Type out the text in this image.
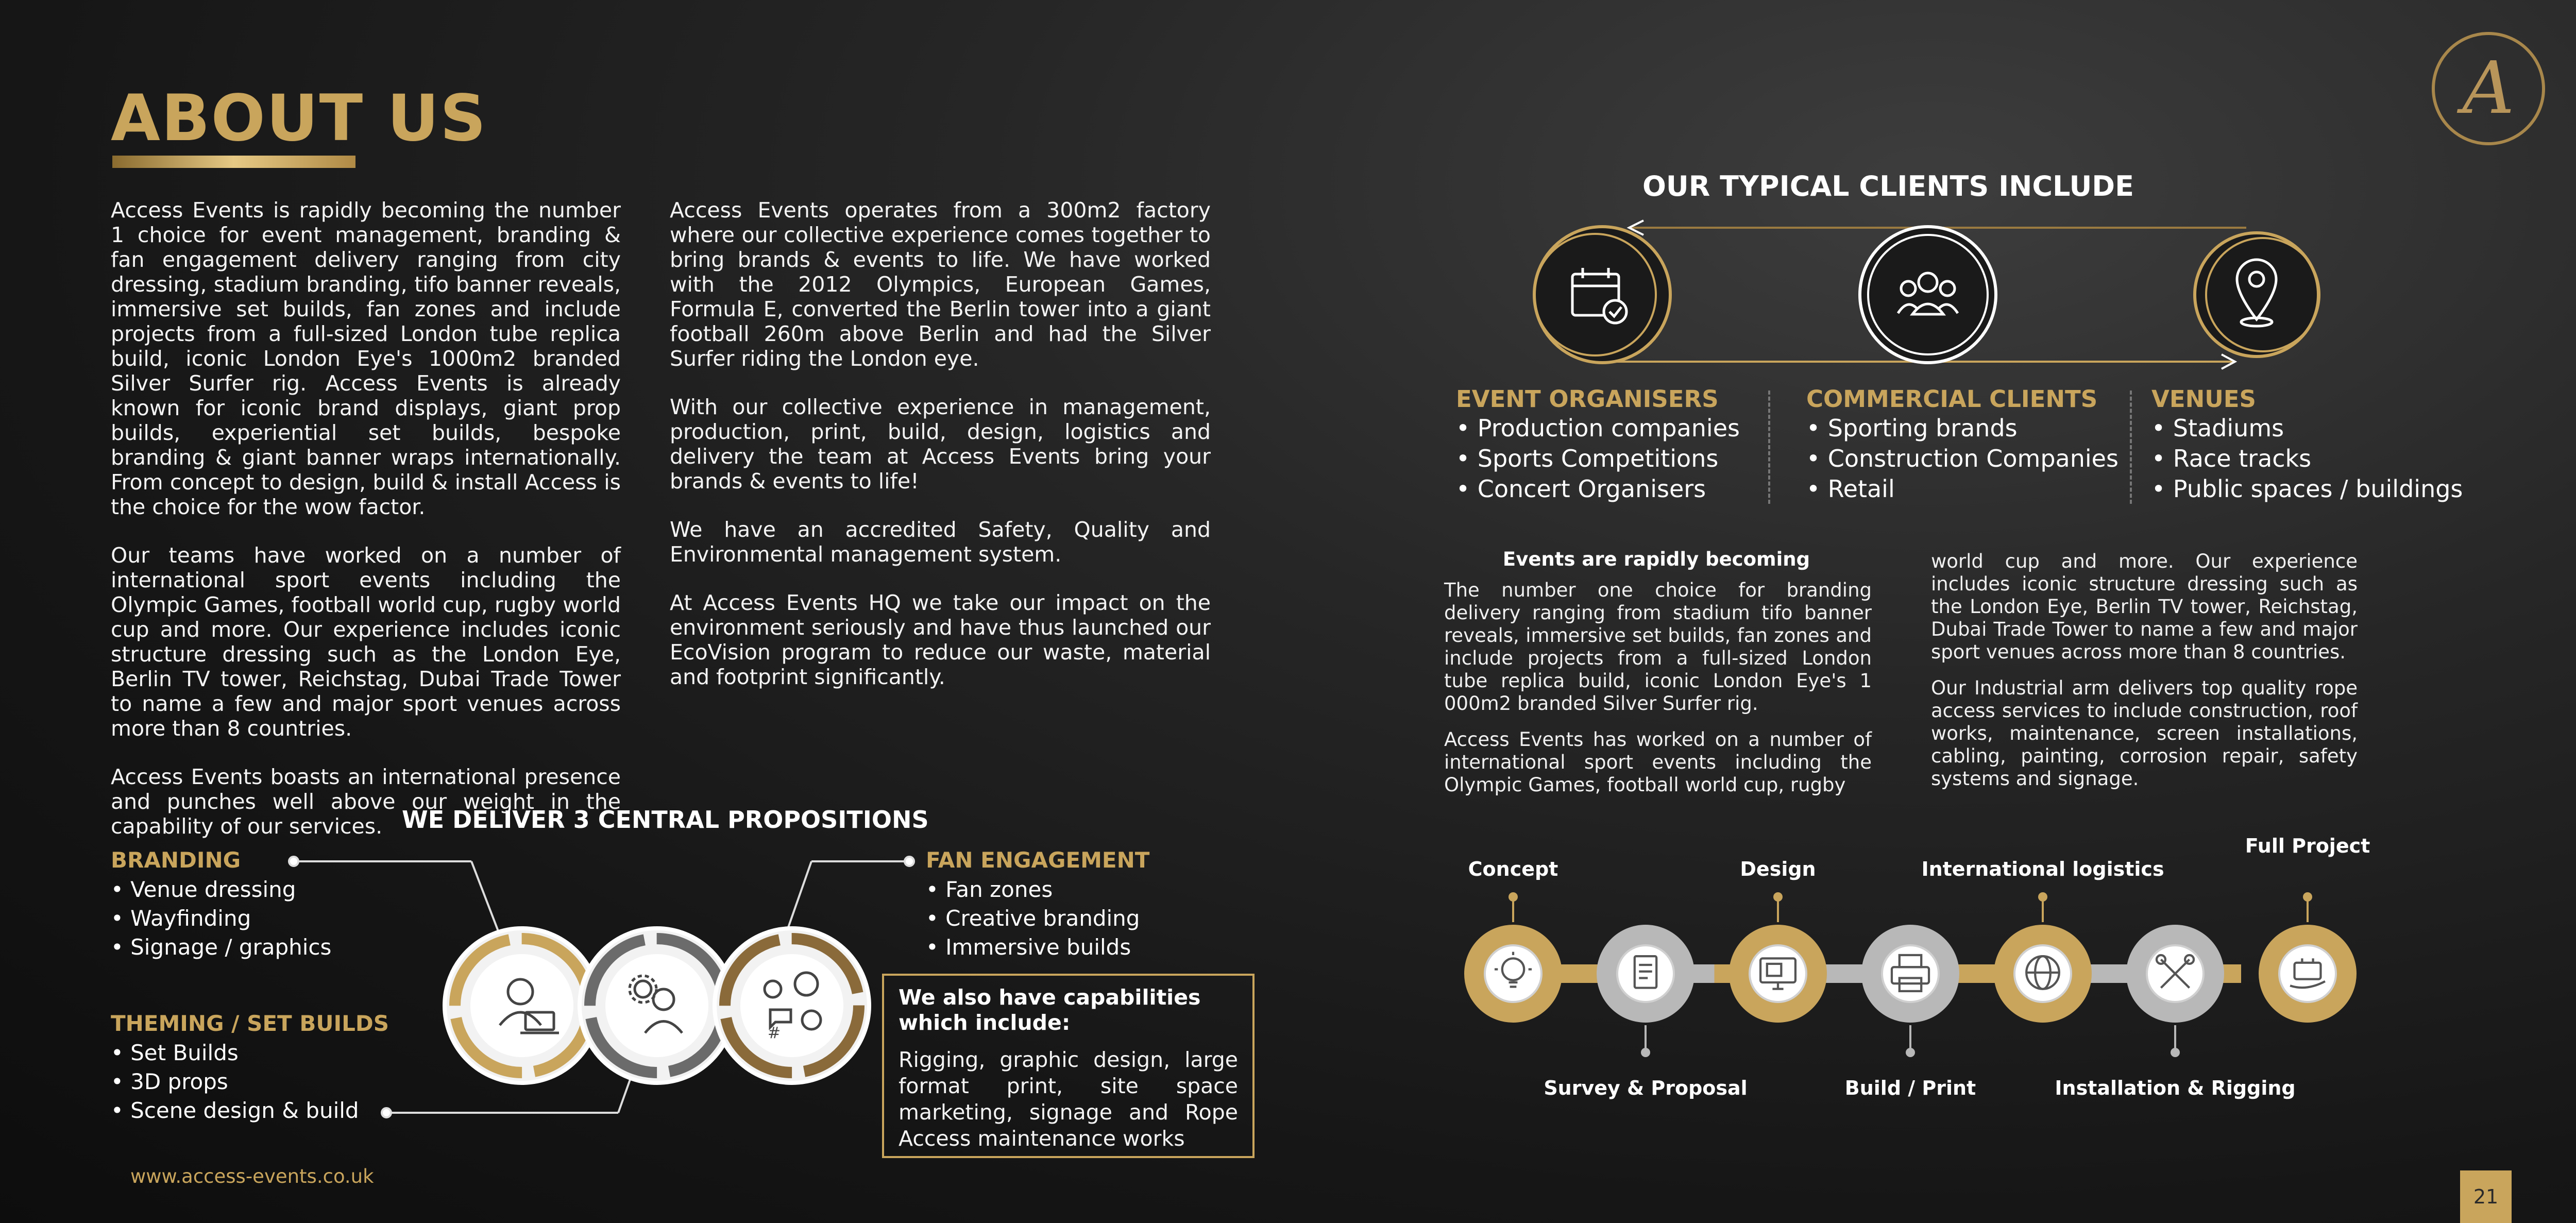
ABOUT US

Access Events is rapidly becoming the number 1 choice for event management, branding & fan engagement delivery ranging from city dressing, stadium branding, tifo banner reveals, immersive set builds, fan zones and include projects from a full-sized London tube replica build, iconic London Eye's 1000m2 branded Silver Surfer rig. Access Events is already known for iconic brand displays, giant prop builds, experiential set builds, bespoke branding & giant banner wraps internationally. From concept to design, build & install Access is the choice for the wow factor.

Our teams have worked on a number of international sport events including the Olympic Games, football world cup, rugby world cup and more. Our experience includes iconic structure dressing such as the London Eye, Berlin TV tower, Reichstag, Dubai Trade Tower to name a few and major sport venues across more than 8 countries.

Access Events boasts an international presence and punches well above our weight in the capability of our services.

Access Events operates from a 300m2 factory where our collective experience comes together to bring brands & events to life. We have worked with the 2012 Olympics, European Games, Formula E, converted the Berlin tower into a giant football 260m above Berlin and had the Silver Surfer riding the London eye.

With our collective experience in management, production, print, build, design, logistics and delivery the team at Access Events bring your brands & events to life!

We have an accredited Safety, Quality and Environmental management system.

At Access Events HQ we take our impact on the environment seriously and have thus launched our EcoVision program to reduce our waste, material and footprint significantly.

WE DELIVER 3 CENTRAL PROPOSITIONS
BRANDING
• Venue dressing
• Wayfinding
• Signage / graphics
THEMING / SET BUILDS
• Set Builds
• 3D props
• Scene design & build
FAN ENGAGEMENT
• Fan zones
• Creative branding
• Immersive builds
#
We also have capabilities which include:
Rigging, graphic design, large format print, site space marketing, signage and Rope Access maintenance works
www.access-events.co.uk
A
OUR TYPICAL CLIENTS INCLUDE
EVENT ORGANISERS
• Production companies
• Sports Competitions
• Concert Organisers
COMMERCIAL CLIENTS
• Sporting brands
• Construction Companies
• Retail
VENUES
• Stadiums
• Race tracks
• Public spaces / buildings
Events are rapidly becoming

The number one choice for branding delivery ranging from stadium tifo banner reveals, immersive set builds, fan zones and include projects from a full-sized London tube replica build, iconic London Eye's 1 000m2 branded Silver Surfer rig.

Access Events has worked on a number of international sport events including the Olympic Games, football world cup, rugby

world cup and more. Our experience includes iconic structure dressing such as the London Eye, Berlin TV tower, Reichstag, Dubai Trade Tower to name a few and major sport venues across more than 8 countries.

Our Industrial arm delivers top quality rope access services to include construction, roof works, maintenance, screen installations, cabling, painting, corrosion repair, safety systems and signage.

Concept
Survey & Proposal
Design
Build / Print
International logistics
Installation & Rigging
Full Project
21
